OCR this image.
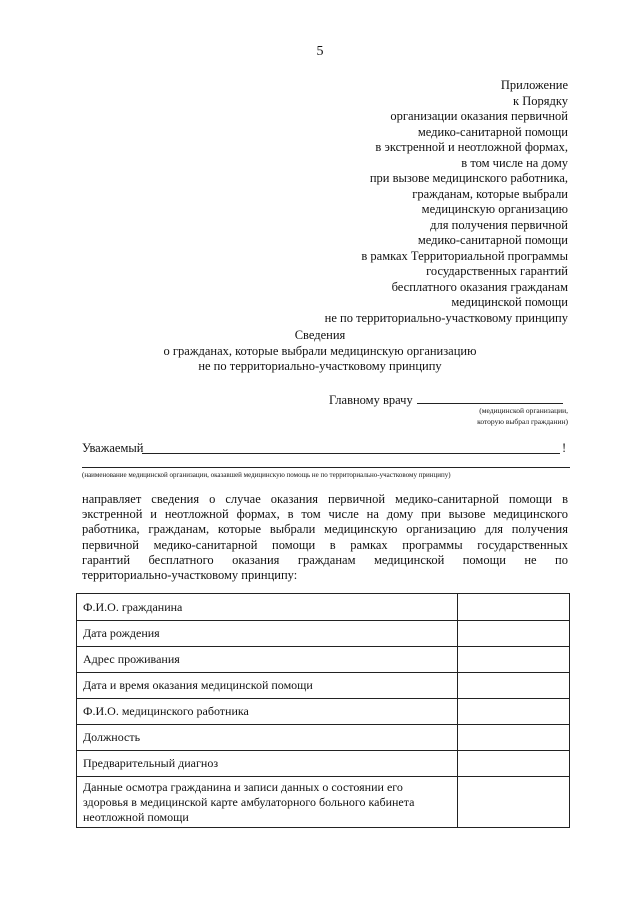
5
Приложение
к Порядку
организации оказания первичной
медико-санитарной помощи
в экстренной и неотложной формах,
в том числе на дому
при вызове медицинского работника,
гражданам, которые выбрали
медицинскую организацию
для получения первичной
медико-санитарной помощи
в рамках Территориальной программы
государственных гарантий
бесплатного оказания гражданам
медицинской помощи
не по территориально-участковому принципу
Сведения
о гражданах, которые выбрали медицинскую организацию
не по территориально-участковому принципу
Главному врачу
(медицинской организации,
которую выбрал гражданин)
Уважаемый	!
(наименование медицинской организации, оказавшей медицинскую помощь не по территориально-участковому принципу)
направляет сведения о случае оказания первичной медико-санитарной помощи в
экстренной и неотложной формах, в том числе на дому при вызове медицинского
работника, гражданам, которые выбрали медицинскую организацию для получения
первичной медико-санитарной помощи в рамках программы государственных
гарантий бесплатного оказания гражданам медицинской помощи не по
территориально-участковому принципу:
Ф.И.О. гражданина	
Дата рождения	
Адрес проживания	
Дата и время оказания медицинской помощи	
Ф.И.О. медицинского работника	
Должность	
Предварительный диагноз	
Данные осмотра гражданина и записи данных о состоянии его здоровья в медицинской карте амбулаторного больного кабинета неотложной помощи	
